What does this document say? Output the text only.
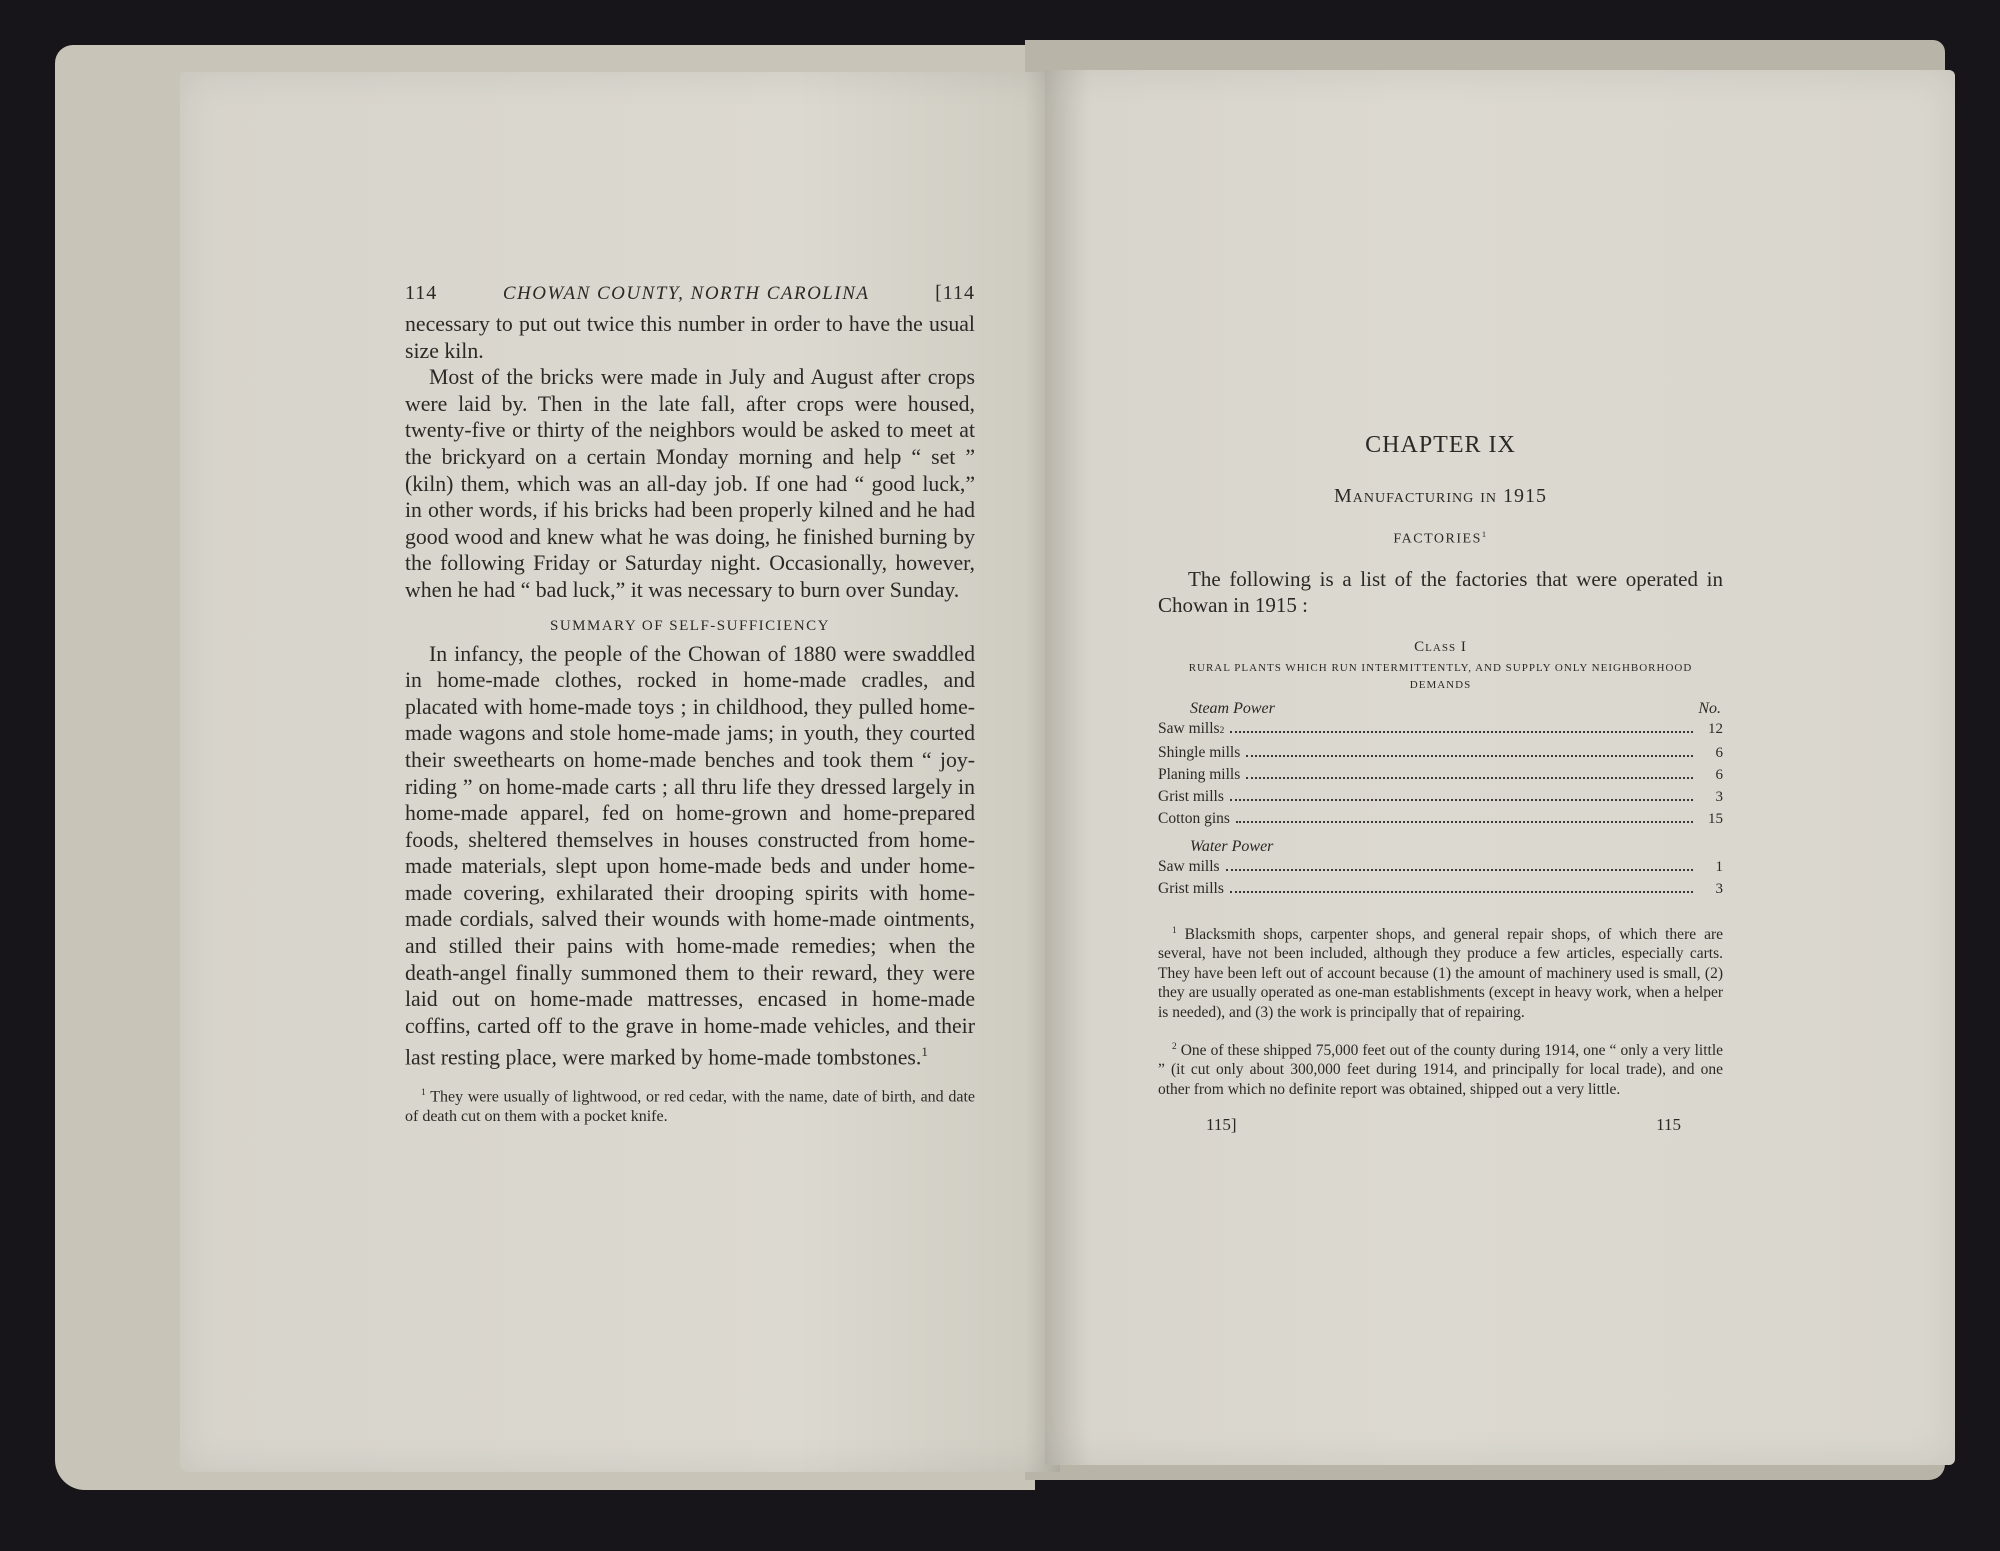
114	CHOWAN COUNTY, NORTH CAROLINA	[114

necessary to put out twice this number in order to have the usual size kiln.

Most of the bricks were made in July and August after crops were laid by. Then in the late fall, after crops were housed, twenty-five or thirty of the neighbors would be asked to meet at the brickyard on a certain Monday morning and help “ set ” (kiln) them, which was an all-day job. If one had “ good luck,” in other words, if his bricks had been properly kilned and he had good wood and knew what he was doing, he finished burning by the following Friday or Saturday night. Occasionally, however, when he had “ bad luck,” it was necessary to burn over Sunday.

SUMMARY OF SELF-SUFFICIENCY

In infancy, the people of the Chowan of 1880 were swaddled in home-made clothes, rocked in home-made cradles, and placated with home-made toys ; in childhood, they pulled home-made wagons and stole home-made jams; in youth, they courted their sweethearts on home-made benches and took them “ joy-riding ” on home-made carts ; all thru life they dressed largely in home-made apparel, fed on home-grown and home-prepared foods, sheltered themselves in houses constructed from home-made materials, slept upon home-made beds and under home-made covering, exhilarated their drooping spirits with home-made cordials, salved their wounds with home-made ointments, and stilled their pains with home-made remedies; when the death-angel finally summoned them to their reward, they were laid out on home-made mattresses, encased in home-made coffins, carted off to the grave in home-made vehicles, and their last resting place, were marked by home-made tombstones.$^1$

$^1$ They were usually of lightwood, or red cedar, with the name, date of birth, and date of death cut on them with a pocket knife.

CHAPTER IX
Manufacturing in 1915
FACTORIES$^1$

The following is a list of the factories that were operated in Chowan in 1915 :

Class I
RURAL PLANTS WHICH RUN INTERMITTENTLY, AND SUPPLY ONLY NEIGHBORHOOD DEMANDS
Steam Power	No.
Saw mills 2	12
Shingle mills	6
Planing mills	6
Grist mills	3
Cotton gins	15
Water Power
Saw mills	1
Grist mills	3

$^1$ Blacksmith shops, carpenter shops, and general repair shops, of which there are several, have not been included, although they produce a few articles, especially carts. They have been left out of account because (1) the amount of machinery used is small, (2) they are usually operated as one-man establishments (except in heavy work, when a helper is needed), and (3) the work is principally that of repairing.

$^2$ One of these shipped 75,000 feet out of the county during 1914, one “ only a very little ” (it cut only about 300,000 feet during 1914, and principally for local trade), and one other from which no definite report was obtained, shipped out a very little.

115]	115
